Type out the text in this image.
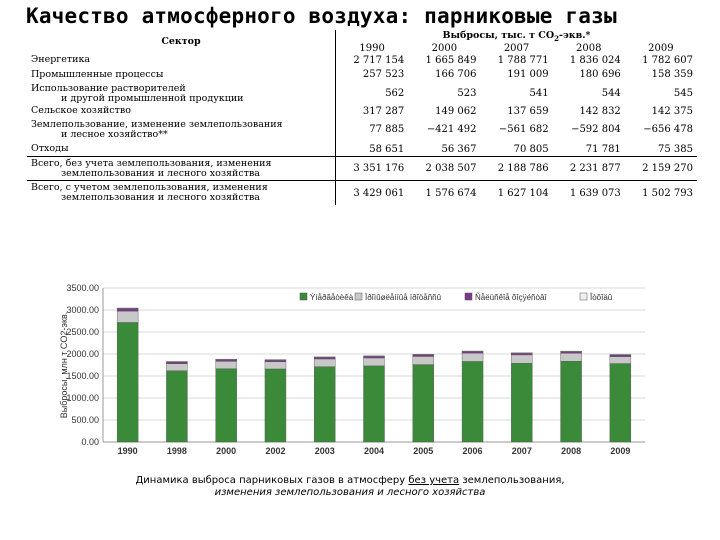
Качество атмосферного воздуха: парниковые газы
Сектор	Выбросы, тыс. т $CO_2-экв.*$				
	1990	2000	2007	2008	2009
Энергетика	2 717 154	1 665 849	1 788 771	1 836 024	1 782 607
Промышленные процессы	257 523	166 706	191 009	180 696	158 359
Использование растворителей
и другой промышленной продукции	562	523	541	544	545
Сельское хозяйство	317 287	149 062	137 659	142 832	142 375
Землепользование, изменение землепользования
и лесное хозяйство**	77 885	−421 492	−561 682	−592 804	−656 478
Отходы	58 651	56 367	70 805	71 781	75 385
Всего, без учета землепользования, изменения
землепользования и лесного хозяйства	3 351 176	2 038 507	2 188 786	2 231 877	2 159 270
Всего, с учетом землепользования, изменения
землепользования и лесного хозяйства	3 429 061	1 576 674	1 627 104	1 639 073	1 502 793
Выбросы, млн т CO2-экв.
0.00
500.00
1000.00
1500.00
2000.00
2500.00
3000.00
3500.00
Ýíåðãåòèêà Ïðîìûøëåííûå ïðîöåññû	Ñåëüñêîå õîçÿéñòâî	Îòõîäû
1990	1998	2000	2002	2003	2004	2005	2006	2007	2008	2009
Динамика выброса парниковых газов в атмосферу без учета землепользования,
изменения землепользования и лесного хозяйства
